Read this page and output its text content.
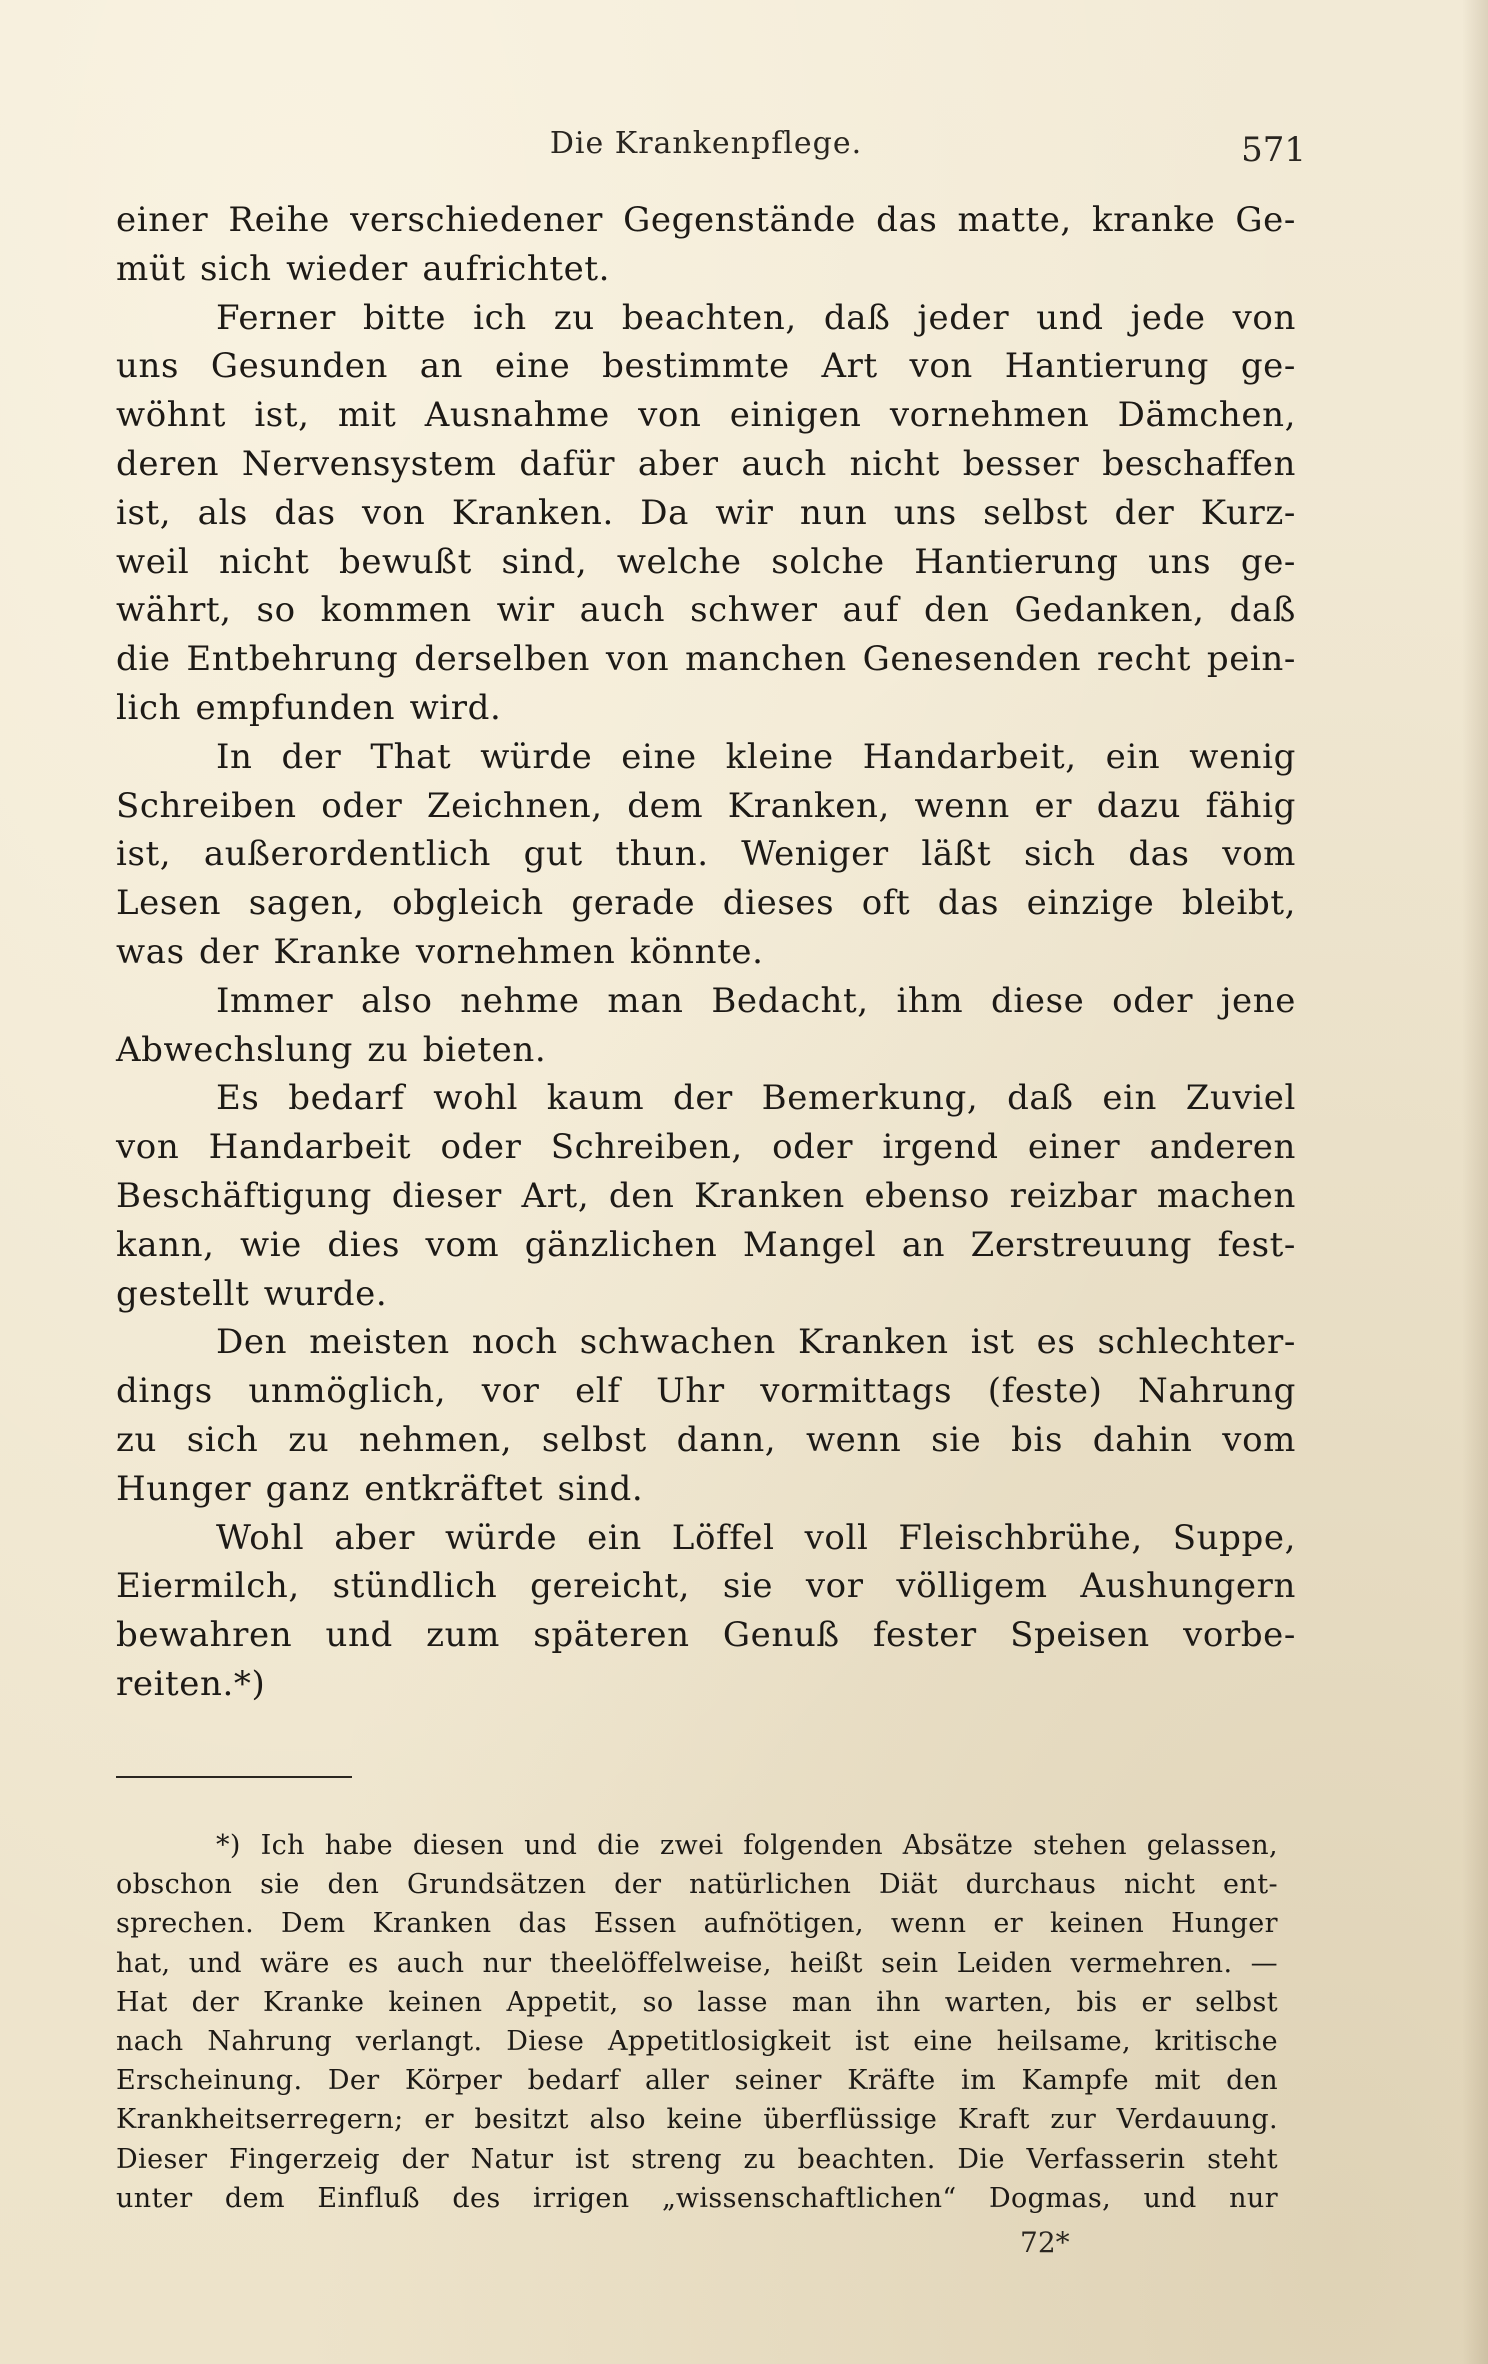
Die Krankenpflege.	571

einer Reihe verschiedener Gegenstände das matte, kranke Ge-
müt sich wieder aufrichtet.

Ferner bitte ich zu beachten, daß jeder und jede von
uns Gesunden an eine bestimmte Art von Hantierung ge-
wöhnt ist, mit Ausnahme von einigen vornehmen Dämchen,
deren Nervensystem dafür aber auch nicht besser beschaffen
ist, als das von Kranken. Da wir nun uns selbst der Kurz-
weil nicht bewußt sind, welche solche Hantierung uns ge-
währt, so kommen wir auch schwer auf den Gedanken, daß
die Entbehrung derselben von manchen Genesenden recht pein-
lich empfunden wird.

In der That würde eine kleine Handarbeit, ein wenig
Schreiben oder Zeichnen, dem Kranken, wenn er dazu fähig
ist, außerordentlich gut thun. Weniger läßt sich das vom
Lesen sagen, obgleich gerade dieses oft das einzige bleibt,
was der Kranke vornehmen könnte.

Immer also nehme man Bedacht, ihm diese oder jene
Abwechslung zu bieten.

Es bedarf wohl kaum der Bemerkung, daß ein Zuviel
von Handarbeit oder Schreiben, oder irgend einer anderen
Beschäftigung dieser Art, den Kranken ebenso reizbar machen
kann, wie dies vom gänzlichen Mangel an Zerstreuung fest-
gestellt wurde.

Den meisten noch schwachen Kranken ist es schlechter-
dings unmöglich, vor elf Uhr vormittags (feste) Nahrung
zu sich zu nehmen, selbst dann, wenn sie bis dahin vom
Hunger ganz entkräftet sind.

Wohl aber würde ein Löffel voll Fleischbrühe, Suppe,
Eiermilch, stündlich gereicht, sie vor völligem Aushungern
bewahren und zum späteren Genuß fester Speisen vorbe-
reiten.*)

*) Ich habe diesen und die zwei folgenden Absätze stehen gelassen,
obschon sie den Grundsätzen der natürlichen Diät durchaus nicht ent-
sprechen. Dem Kranken das Essen aufnötigen, wenn er keinen Hunger
hat, und wäre es auch nur theelöffelweise, heißt sein Leiden vermehren. —
Hat der Kranke keinen Appetit, so lasse man ihn warten, bis er selbst
nach Nahrung verlangt. Diese Appetitlosigkeit ist eine heilsame, kritische
Erscheinung. Der Körper bedarf aller seiner Kräfte im Kampfe mit den
Krankheitserregern; er besitzt also keine überflüssige Kraft zur Verdauung.
Dieser Fingerzeig der Natur ist streng zu beachten. Die Verfasserin steht
unter dem Einfluß des irrigen „wissenschaftlichen“ Dogmas, und nur

72*
